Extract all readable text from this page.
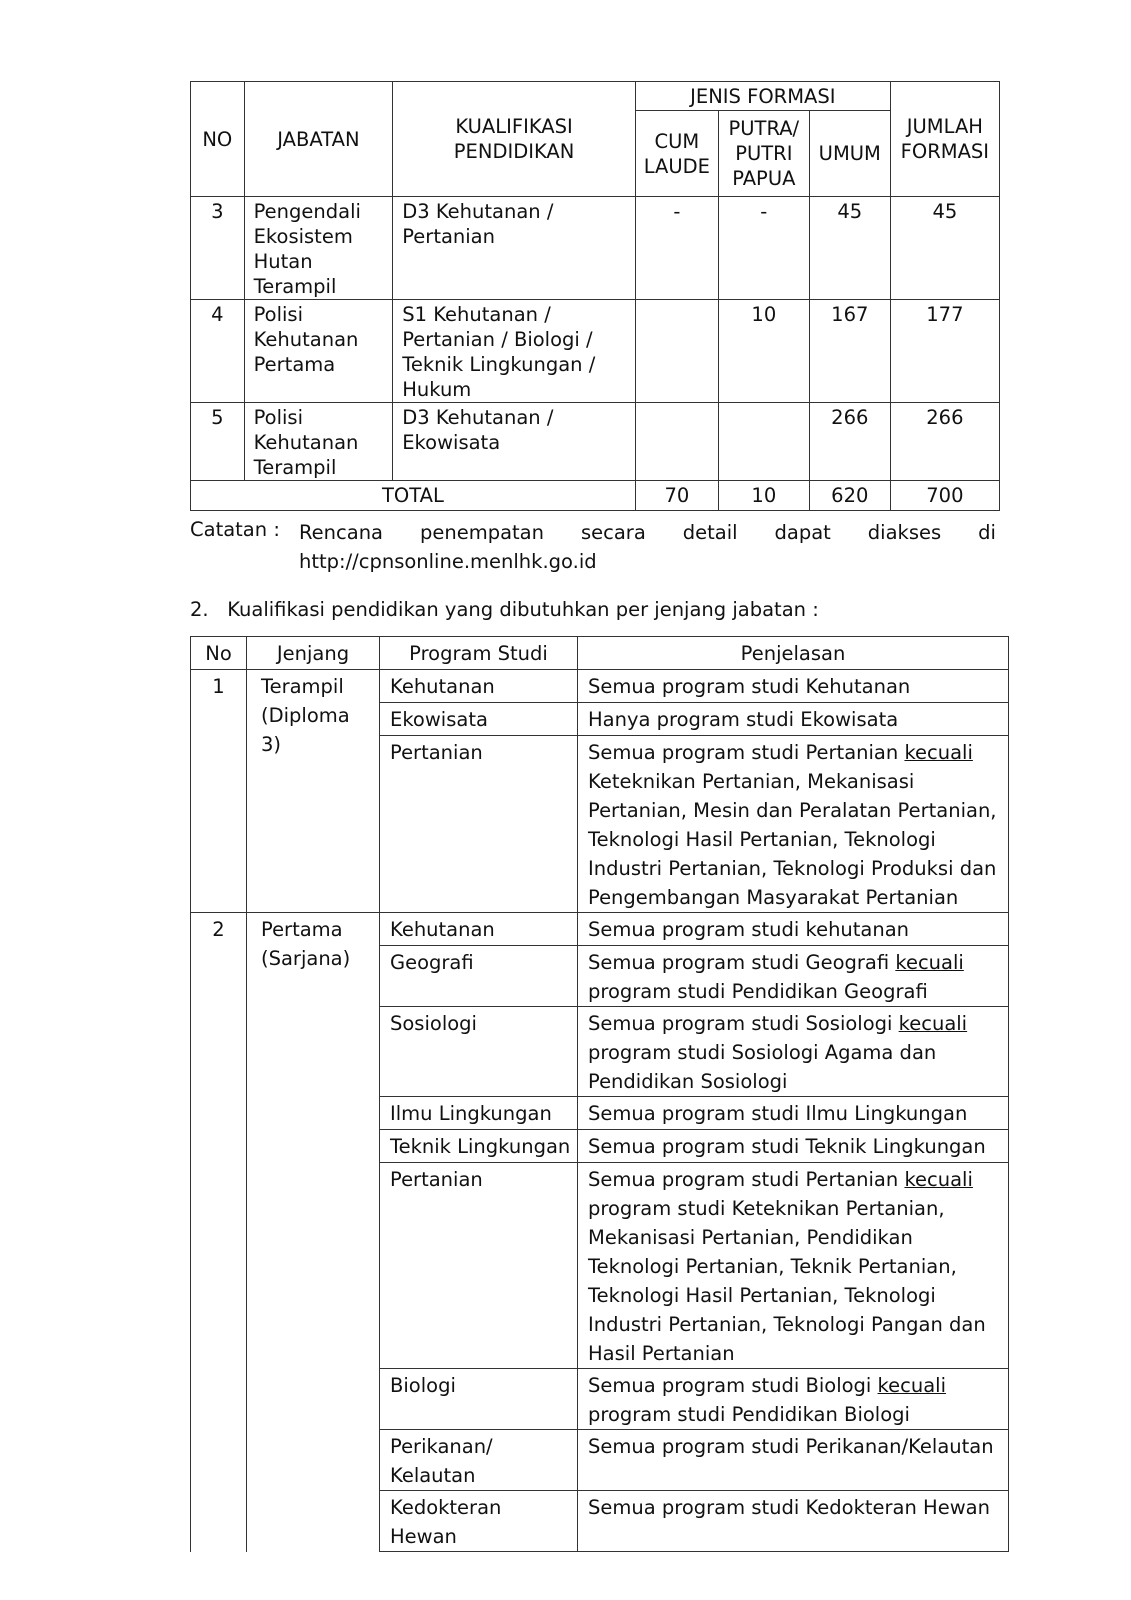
NO	JABATAN	KUALIFIKASI PENDIDIKAN	JENIS FORMASI			JUMLAH FORMASI
			CUM LAUDE	PUTRA/ PUTRI PAPUA	UMUM	
3	Pengendali Ekosistem Hutan Terampil	D3 Kehutanan / Pertanian	-	-	45	45
4	Polisi Kehutanan Pertama	S1 Kehutanan / Pertanian / Biologi / Teknik Lingkungan / Hukum		10	167	177
5	Polisi Kehutanan Terampil	D3 Kehutanan / Ekowisata			266	266
TOTAL			70	10	620	700
Catatan : Rencana penempatan secara detail dapat diakses di
http://cpnsonline.menlhk.go.id
2. Kualifikasi pendidikan yang dibutuhkan per jenjang jabatan :
No	Jenjang	Program Studi	Penjelasan
1	Terampil (Diploma 3)	Kehutanan	Semua program studi Kehutanan
		Ekowisata	Hanya program studi Ekowisata
		Pertanian	Semua program studi Pertanian kecuali Keteknikan Pertanian, Mekanisasi Pertanian, Mesin dan Peralatan Pertanian, Teknologi Hasil Pertanian, Teknologi Industri Pertanian, Teknologi Produksi dan Pengembangan Masyarakat Pertanian
2	Pertama (Sarjana)	Kehutanan	Semua program studi kehutanan
		Geografi	Semua program studi Geografi kecuali program studi Pendidikan Geografi
		Sosiologi	Semua program studi Sosiologi kecuali program studi Sosiologi Agama dan Pendidikan Sosiologi
		Ilmu Lingkungan	Semua program studi Ilmu Lingkungan
		Teknik Lingkungan	Semua program studi Teknik Lingkungan
		Pertanian	Semua program studi Pertanian kecuali program studi Keteknikan Pertanian, Mekanisasi Pertanian, Pendidikan Teknologi Pertanian, Teknik Pertanian, Teknologi Hasil Pertanian, Teknologi Industri Pertanian, Teknologi Pangan dan Hasil Pertanian
		Biologi	Semua program studi Biologi kecuali program studi Pendidikan Biologi
		Perikanan/ Kelautan	Semua program studi Perikanan/Kelautan
		Kedokteran Hewan	Semua program studi Kedokteran Hewan
